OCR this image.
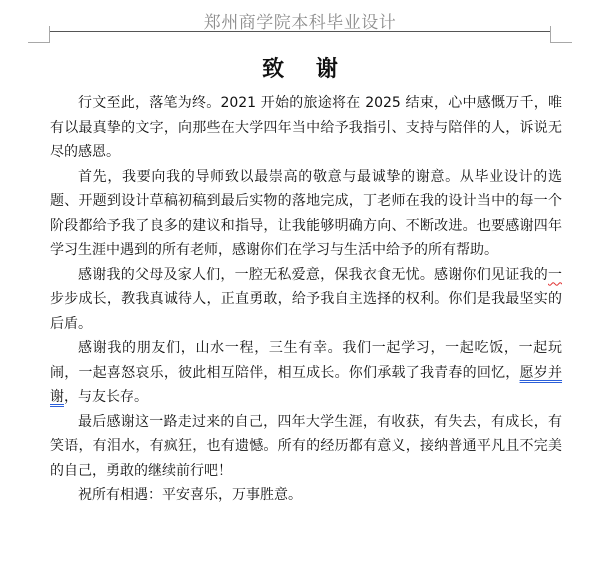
郑州商学院本科毕业设计
致 谢

行文至此，落笔为终。2021 开始的旅途将在 2025 结束，心中感慨万千，唯有以最真挚的文字，向那些在大学四年当中给予我指引、支持与陪伴的人，诉说无尽的感恩。

首先，我要向我的导师致以最崇高的敬意与最诚挚的谢意。从毕业设计的选题、开题到设计草稿初稿到最后实物的落地完成，丁老师在我的设计当中的每一个阶段都给予我了良多的建议和指导，让我能够明确方向、不断改进。也要感谢四年学习生涯中遇到的所有老师，感谢你们在学习与生活中给予的所有帮助。

感谢我的父母及家人们，一腔无私爱意，保我衣食无忧。感谢你们见证我的一步步成长，教我真诚待人，正直勇敢，给予我自主选择的权利。你们是我最坚实的后盾。

感谢我的朋友们，山水一程，三生有幸。我们一起学习，一起吃饭，一起玩闹，一起喜怒哀乐，彼此相互陪伴，相互成长。你们承载了我青春的回忆，愿岁并谢，与友长存。

最后感谢这一路走过来的自己，四年大学生涯，有收获，有失去，有成长，有笑语，有泪水，有疯狂，也有遗憾。所有的经历都有意义，接纳普通平凡且不完美的自己，勇敢的继续前行吧！

祝所有相遇：平安喜乐，万事胜意。
